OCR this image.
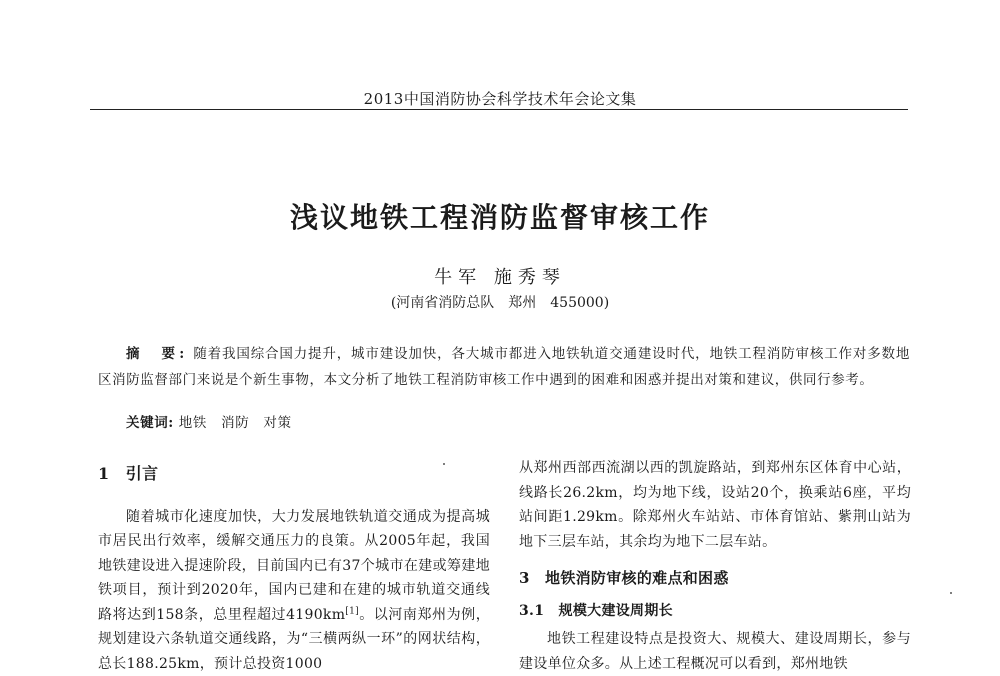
2013中国消防协会科学技术年会论文集
浅议地铁工程消防监督审核工作
牛军 施秀琴
(河南省消防总队　郑州　455000)
摘　要: 随着我国综合国力提升，城市建设加快，各大城市都进入地铁轨道交通建设时代，地铁工程消防审核工作对多数地区消防监督部门来说是个新生事物，本文分析了地铁工程消防审核工作中遇到的困难和困惑并提出对策和建议，供同行参考。
关键词: 地铁　消防　对策
1　引言

随着城市化速度加快，大力发展地铁轨道交通成为提高城市居民出行效率，缓解交通压力的良策。从2005年起，我国地铁建设进入提速阶段，目前国内已有37个城市在建或筹建地铁项目，预计到2020年，国内已建和在建的城市轨道交通线路将达到158条，总里程超过4190km[1]。以河南郑州为例，规划建设六条轨道交通线路，为“三横两纵一环”的网状结构，总长188.25km，预计总投资1000

从郑州西部西流湖以西的凯旋路站，到郑州东区体育中心站，线路长26.2km，均为地下线，设站20个，换乘站6座，平均站间距1.29km。除郑州火车站站、市体育馆站、紫荆山站为地下三层车站，其余均为地下二层车站。

3　地铁消防审核的难点和困惑
3.1　规模大建设周期长

地铁工程建设特点是投资大、规模大、建设周期长，参与建设单位众多。从上述工程概况可以看到，郑州地铁
